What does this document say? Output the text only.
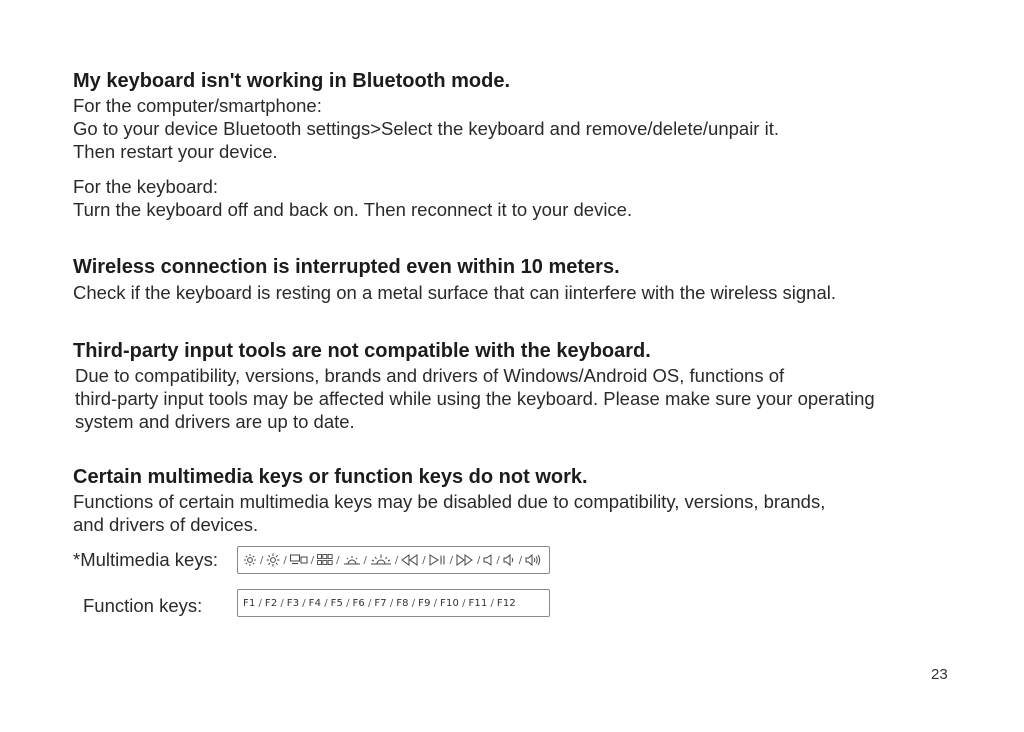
My keyboard isn't working in Bluetooth mode.

For the computer/smartphone:

Go to your device Bluetooth settings>Select the keyboard and remove/delete/unpair it.

Then restart your device.

For the keyboard:

Turn the keyboard off and back on. Then reconnect it to your device.

Wireless connection is interrupted even within 10 meters.

Check if the keyboard is resting on a metal surface that can iinterfere with the wireless signal.

Third-party input tools are not compatible with the keyboard.

Due to compatibility, versions, brands and drivers of Windows/Android OS, functions of

third-party input tools may be affected while using the keyboard. Please make sure your operating

system and drivers are up to date.

Certain multimedia keys or function keys do not work.

Functions of certain multimedia keys may be disabled due to compatibility, versions, brands,

and drivers of devices.

*Multimedia keys:	/ / / / /	/ / / / / /

Function keys:	F1 / F2 / F3 / F4 / F5 / F6 / F7 / F8 / F9 / F10 / F11 / F12
23
